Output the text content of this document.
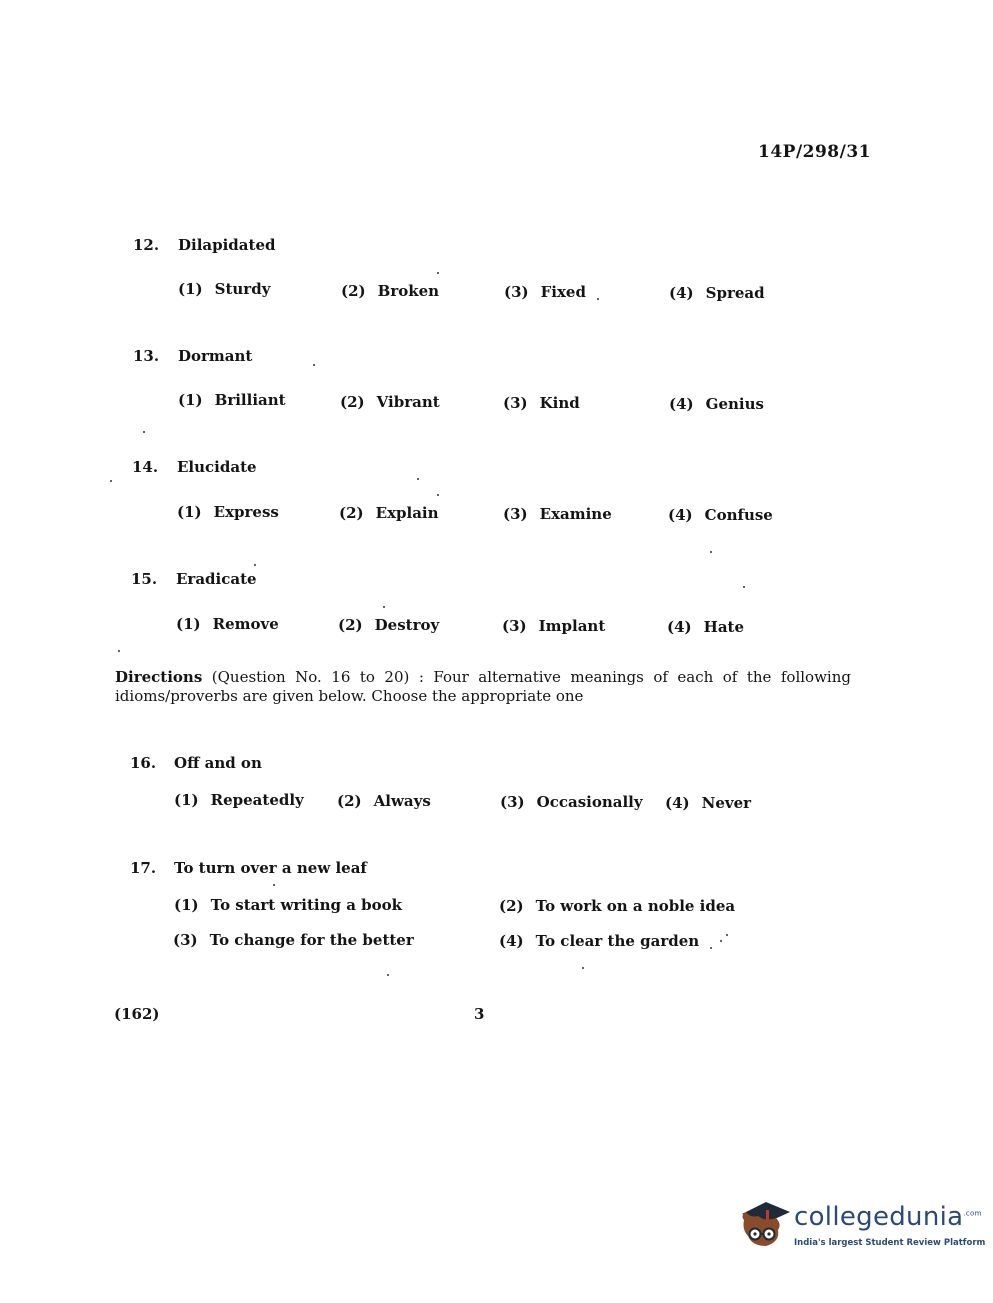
14P/298/31
12. Dilapidated
(1) Sturdy	(2) Broken	(3) Fixed	(4) Spread
13. Dormant
(1) Brilliant	(2) Vibrant	(3) Kind	(4) Genius
14. Elucidate
(1) Express	(2) Explain	(3) Examine	(4) Confuse
15. Eradicate
(1) Remove	(2) Destroy	(3) Implant	(4) Hate
Directions (Question No. 16 to 20) : Four alternative meanings of each of the following idioms/proverbs are given below. Choose the appropriate one
16. Off and on
(1) Repeatedly (2) Always	(3) Occasionally (4) Never
17. To turn over a new leaf
(1) To start writing a book	(2) To work on a noble idea
(3) To change for the better	(4) To clear the garden
(162)	3
collegedunia$^{.com}$
India's largest Student Review Platform
